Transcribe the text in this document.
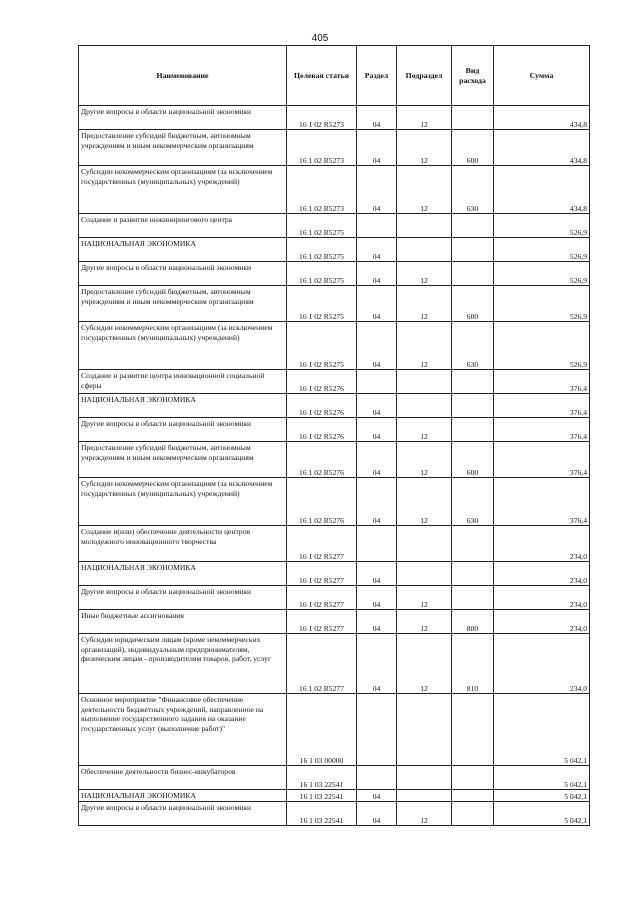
405
Наименование	Целевая статья	Раздел	Подраздел	Вид расхода	Сумма
Другие вопросы в области национальной экономики	16 1 02 R5273	04	12		434,8
Предоставление субсидий бюджетным, автономным учреждениям и иным некоммерческим организациям	16 1 02 R5273	04	12	600	434,8
Субсидии некоммерческим организациям (за исключением государственных (муниципальных) учреждений)	16 1 02 R5273	04	12	630	434,8
Создание и развитие инжинирингового центра	16 1 02 R5275				526,9
НАЦИОНАЛЬНАЯ ЭКОНОМИКА	16 1 02 R5275	04			526,9
Другие вопросы в области национальной экономики	16 1 02 R5275	04	12		526,9
Предоставление субсидий бюджетным, автономным учреждениям и иным некоммерческим организациям	16 1 02 R5275	04	12	600	526,9
Субсидии некоммерческим организациям (за исключением государственных (муниципальных) учреждений)	16 1 02 R5275	04	12	630	526,9
Создание и развитие центра инновационной социальной сферы	16 1 02 R5276				376,4
НАЦИОНАЛЬНАЯ ЭКОНОМИКА	16 1 02 R5276	04			376,4
Другие вопросы в области национальной экономики	16 1 02 R5276	04	12		376,4
Предоставление субсидий бюджетным, автономным учреждениям и иным некоммерческим организациям	16 1 02 R5276	04	12	600	376,4
Субсидии некоммерческим организациям (за исключением государственных (муниципальных) учреждений)	16 1 02 R5276	04	12	630	376,4
Создание и(или) обеспечение деятельности центров молодежного инновационного творчества	16 1 02 R5277				234,0
НАЦИОНАЛЬНАЯ ЭКОНОМИКА	16 1 02 R5277	04			234,0
Другие вопросы в области национальной экономики	16 1 02 R5277	04	12		234,0
Иные бюджетные ассигнования	16 1 02 R5277	04	12	800	234,0
Субсидии юридическим лицам (кроме некоммерческих организаций), индивидуальным предпринимателям, физическим лицам - производителям товаров, работ, услуг	16 1 02 R5277	04	12	810	234,0
Основное мероприятие "Финансовое обеспечение деятельности бюджетных учреждений, направленное на выполнение государственного задания на оказание государственных услуг (выполнение работ)"	16 1 03 00000				5 042,1
Обеспечение деятельности бизнес-инкубаторов	16 1 03 22541				5 042,1
НАЦИОНАЛЬНАЯ ЭКОНОМИКА	16 1 03 22541	04			5 042,1
Другие вопросы в области национальной экономики	16 1 03 22541	04	12		5 042,1
